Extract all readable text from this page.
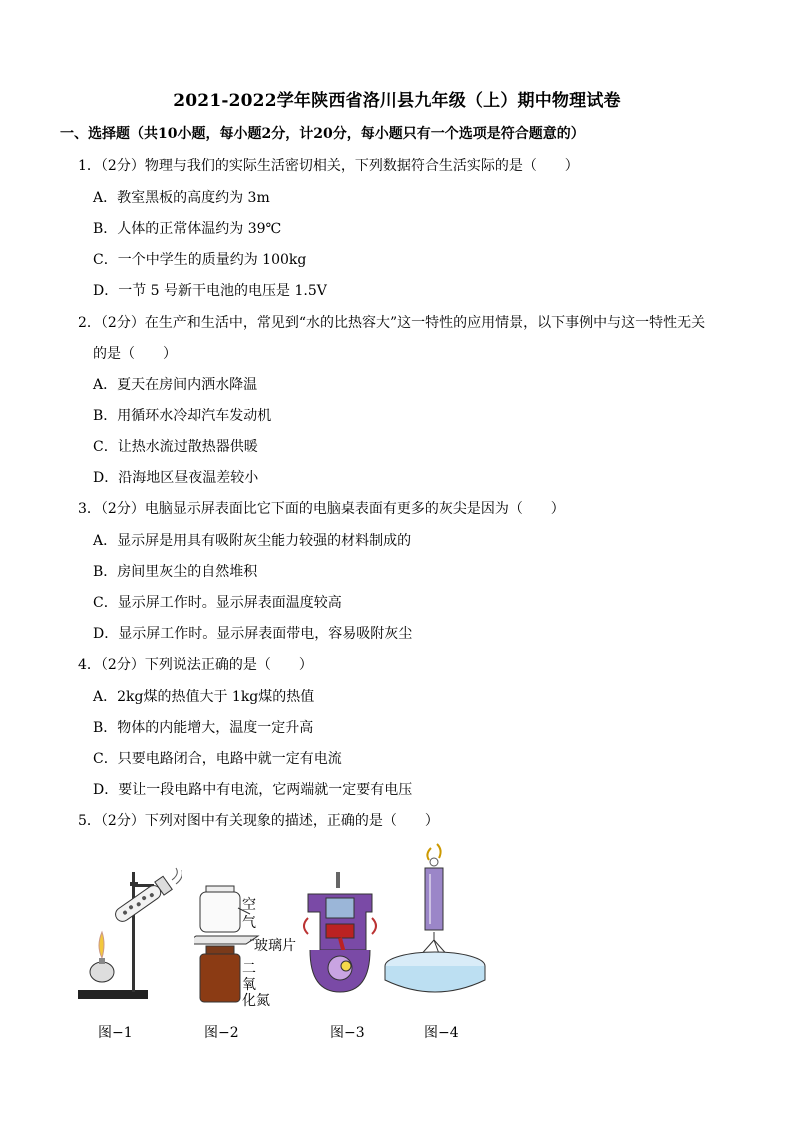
2021-2022学年陕西省洛川县九年级（上）期中物理试卷
一、选择题（共10小题，每小题2分，计20分，每小题只有一个选项是符合题意的）
1．（2分）物理与我们的实际生活密切相关，下列数据符合生活实际的是（　　）
A．教室黑板的高度约为 3m
B．人体的正常体温约为 39℃
C．一个中学生的质量约为 100kg
D．一节 5 号新干电池的电压是 1.5V
2．（2分）在生产和生活中，常见到“水的比热容大”这一特性的应用情景，以下事例中与这一特性无关
的是（　　）
A．夏天在房间内洒水降温
B．用循环水冷却汽车发动机
C．让热水流过散热器供暖
D．沿海地区昼夜温差较小
3．（2分）电脑显示屏表面比它下面的电脑桌表面有更多的灰尖是因为（　　）
A．显示屏是用具有吸附灰尘能力较强的材料制成的
B．房间里灰尘的自然堆积
C．显示屏工作时。显示屏表面温度较高
D．显示屏工作时。显示屏表面带电，容易吸附灰尘
4．（2分）下列说法正确的是（　　）
A．2kg煤的热值大于 1kg煤的热值
B．物体的内能增大，温度一定升高
C．只要电路闭合，电路中就一定有电流
D．要让一段电路中有电流，它两端就一定要有电压
5．（2分）下列对图中有关现象的描述，正确的是（　　）
空
气
玻璃片
二
氧
化氮
图−1	图−2	图−3	图−4
